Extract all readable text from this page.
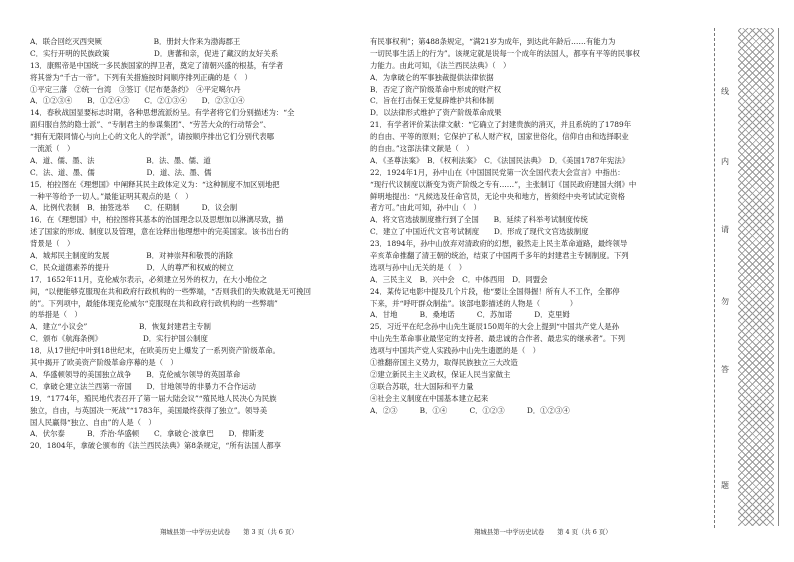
A．联合回纥灭西突厥　　　　　　　B．册封大作来为渤海郡王
C．实行开明的民族政策　　　　　　D．唐蕃和亲，促进了藏汉的友好关系
13．康熙帝是中国统一多民族国家的捍卫者，奠定了清朝兴盛的根基，有学者
将其誉为“千古一帝”。下列有关措施按时间顺序排列正确的是（　）
①平定三藩　②统一台湾　③签订《尼布楚条约》　④平定噶尔丹
A．①②③④　　B．①②④③　　C．②①③④　　D．②③①④
14．春秋战国显要标志时期，各种思想流派纷呈。有学者将它们分别描述为：“全
面归服自然的隐士派”、“专制君主的参谋集团”、“劳苦大众的行动帮会”、
“拥有无限同情心与向上心的文化人的学派”，请按顺序排出它们分别代表哪
一流派（　）
A．道、儒、墨、法　　　　　　　B．法、墨、儒、道
C．法、道、墨、儒　　　　　　　D．道、法、墨、儒
15．柏拉图在《理想国》中阐释其民主政体定义为：“这种制度不加区别地把
一种平等给予一切人。”最能证明其观点的是（　）
A．比例代表制　B．抽签选举　　C．任期制　　　D．议会制
16．在《理想国》中，柏拉图将其基本的治国理念以及思想加以淋漓尽致，描
述了国家的形成、制度以及管理，意在诠释出他理想中的完美国家。该书出台的
背景是（　）
A．城邦民主制度的发展　　　　　B．对神崇拜和敬畏的消除
C．民众道德素养的提升　　　　　D．人的尊严和权威的树立
17．1652年11月，克伦威尔表示，必须建立另外的权力，在大小地位之
间，“以便能够克服现在共和政府行政机构的一些弊端，“否则我们的失败就是无可挽回
的”。下列项中，最能体现克伦威尔“克服现在共和政府行政机构的一些弊端”
的举措是（　）
A．建立“小议会”　　　　　　　B．恢复封建君主专制
C．颁布《航海条例》　　　　　　D．实行护国公制度
18．从17世纪中叶到18世纪末，在欧美历史上爆发了一系列资产阶级革命。
其中揭开了欧美资产阶级革命序幕的是（　）
A．华盛顿领导的美国独立战争　　B．克伦威尔领导的英国革命
C．拿破仑建立法兰西第一帝国　　D．甘地领导的非暴力不合作运动
19．“1774年，殖民地代表召开了第一届大陆会议”“殖民地人民决心为民族
独立，自由，与英国决一死战”“1783年，美国最终获得了独立”。领导美
国人民赢得“独立、自由”的人是（　）
A．伏尔泰　　　B．乔治·华盛顿　　C．拿破仑·波拿巴　　D．俾斯麦
20．1804年，拿破仑颁布的《法兰西民法典》第8条规定，“所有法国人都享
有民事权利”；第488条规定，“满21岁为成年，到达此年龄后……有能力为
一切民事生活上的行为”。该规定就是说每一个成年的法国人，都享有平等的民事权
力能力。由此可知，《法兰西民法典》（　）
A．为拿破仑的军事独裁提供法律依据
B．否定了资产阶级革命中形成的财产权
C．旨在打击保王党复辟维护共和体制
D．以法律形式维护了资产阶级革命成果
21．有学者评价某法律文献：“它确立了封建贵族的消灭，并且系统的了1789年
的自由、平等的原则；它保护了私人财产权，国家世俗化，信仰自由和选择职业
的自由。”这部法律文献是（　）
A．《圣尊法案》　B．《权利法案》　C．《法国民法典》　D．《美国1787年宪法》
22．1924年1月，孙中山在《中国国民党第一次全国代表大会宣言》中指出：
“现行代议制度以渐变为资产阶级之专有……”，主张制订《国民政府建国大纲》中
鲜明地提出：“凡候选及任命官员，无论中央和地方，皆须经中央考试试定资格
者方可。”由此可知，孙中山（　）
A．将文官选拔制度推行到了全国　　B．延续了科举考试制度传统
C．建立了中国近代文官考试制度　　D．形成了现代文官选拔制度
23．1894年，孙中山放弃对清政府的幻想，毅然走上民主革命道路，最终领导
辛亥革命推翻了清王朝的统治，结束了中国两千多年的封建君主专制制度。下列
选项与孙中山无关的是（　）
A．三民主义　B．兴中会　C．中体西用　D．同盟会
24．某传记电影中提及几个片段，他“要让全国得握！所有人不工作，全都停
下来，并“呼吁群众制盐”。该部电影描述的人物是（　　　　）
A．甘地　　　B．桑地诺　　　C．苏加诺　　　D．克里姆
25．习近平在纪念孙中山先生诞辰150周年的大会上提到“中国共产党人是孙
中山先生革命事业最坚定的支持者、最忠诚的合作者、最忠实的继承者”。下列
选项与中国共产党人实践孙中山先生遗愿的是（　）
①推翻帝国主义势力，取得民族独立三大改造
②建立新民主主义政权，保证人民当家做主
③联合苏联，壮大国际和平力量
④社会主义制度在中国基本建立起来
A．②③　　　B．①④　　　C．①②③　　　D．①②③④
翔城县第一中学历史试卷　　第 3 页（共 6 页）	翔城县第一中学历史试卷　　第 4 页（共 6 页）
线
内
请
勿
答
题
